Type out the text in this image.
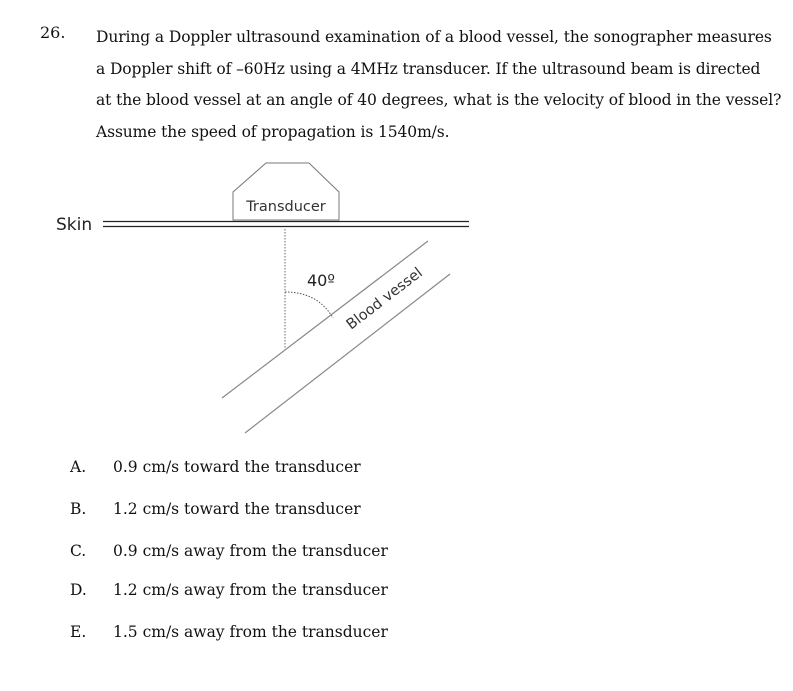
26. During a Doppler ultrasound examination of a blood vessel, the sonographer measures
a Doppler shift of –60Hz using a 4MHz transducer. If the ultrasound beam is directed
at the blood vessel at an angle of 40 degrees, what is the velocity of blood in the vessel?
Assume the speed of propagation is 1540m/s.
Skin
Transducer
40º Blood vessel
A. 0.9 cm/s toward the transducer
B. 1.2 cm/s toward the transducer
C. 0.9 cm/s away from the transducer
D. 1.2 cm/s away from the transducer
E. 1.5 cm/s away from the transducer
